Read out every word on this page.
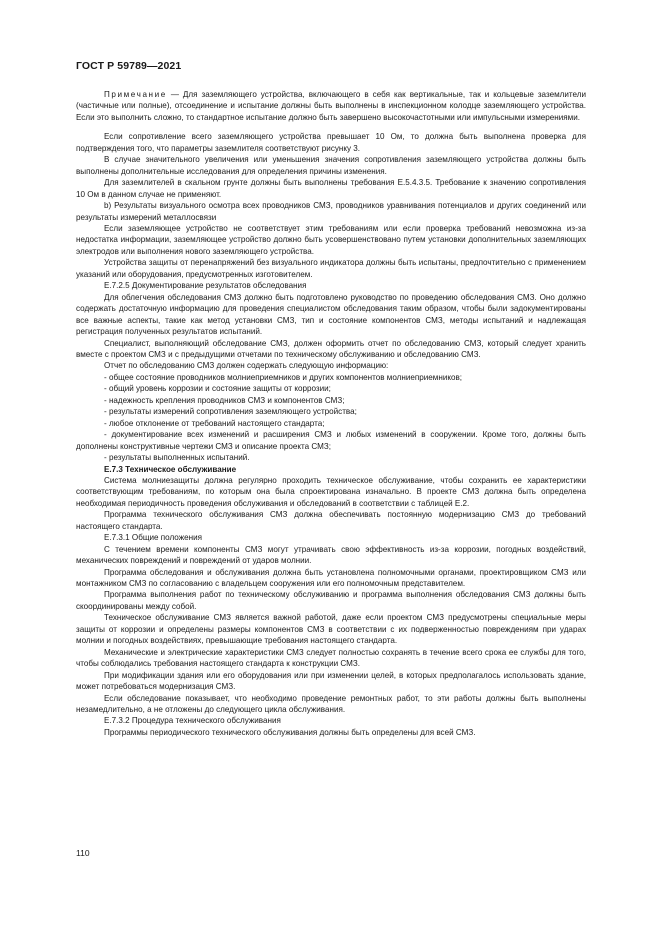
ГОСТ Р 59789—2021

Примечание — Для заземляющего устройства, включающего в себя как вертикальные, так и кольцевые заземлители (частичные или полные), отсоединение и испытание должны быть выполнены в инспекционном колодце заземляющего устройства. Если это выполнить сложно, то стандартное испытание должно быть завершено высокочастотными или импульсными измерениями.

Если сопротивление всего заземляющего устройства превышает 10 Ом, то должна быть выполнена проверка для подтверждения того, что параметры заземлителя соответствуют рисунку 3.

В случае значительного увеличения или уменьшения значения сопротивления заземляющего устройства должны быть выполнены дополнительные исследования для определения причины изменения.

Для заземлителей в скальном грунте должны быть выполнены требования Е.5.4.3.5. Требование к значению сопротивления 10 Ом в данном случае не применяют.

b) Результаты визуального осмотра всех проводников СМЗ, проводников уравнивания потенциалов и других соединений или результаты измерений металлосвязи

Если заземляющее устройство не соответствует этим требованиям или если проверка требований невозможна из-за недостатка информации, заземляющее устройство должно быть усовершенствовано путем установки дополнительных заземляющих электродов или выполнения нового заземляющего устройства.

Устройства защиты от перенапряжений без визуального индикатора должны быть испытаны, предпочтительно с применением указаний или оборудования, предусмотренных изготовителем.

Е.7.2.5 Документирование результатов обследования

Для облегчения обследования СМЗ должно быть подготовлено руководство по проведению обследования СМЗ. Оно должно содержать достаточную информацию для проведения специалистом обследования таким образом, чтобы были задокументированы все важные аспекты, такие как метод установки СМЗ, тип и состояние компонентов СМЗ, методы испытаний и надлежащая регистрация полученных результатов испытаний.

Специалист, выполняющий обследование СМЗ, должен оформить отчет по обследованию СМЗ, который следует хранить вместе с проектом СМЗ и с предыдущими отчетами по техническому обслуживанию и обследованию СМЗ.

Отчет по обследованию СМЗ должен содержать следующую информацию:

- общее состояние проводников молниеприемников и других компонентов молниеприемников;

- общий уровень коррозии и состояние защиты от коррозии;

- надежность крепления проводников СМЗ и компонентов СМЗ;

- результаты измерений сопротивления заземляющего устройства;

- любое отклонение от требований настоящего стандарта;

- документирование всех изменений и расширения СМЗ и любых изменений в сооружении. Кроме того, должны быть дополнены конструктивные чертежи СМЗ и описание проекта СМЗ;

- результаты выполненных испытаний.

Е.7.3 Техническое обслуживание

Система молниезащиты должна регулярно проходить техническое обслуживание, чтобы сохранить ее характеристики соответствующим требованиям, по которым она была спроектирована изначально. В проекте СМЗ должна быть определена необходимая периодичность проведения обслуживания и обследований в соответствии с таблицей Е.2.

Программа технического обслуживания СМЗ должна обеспечивать постоянную модернизацию СМЗ до требований настоящего стандарта.

Е.7.3.1 Общие положения

С течением времени компоненты СМЗ могут утрачивать свою эффективность из-за коррозии, погодных воздействий, механических повреждений и повреждений от ударов молнии.

Программа обследования и обслуживания должна быть установлена полномочными органами, проектировщиком СМЗ или монтажником СМЗ по согласованию с владельцем сооружения или его полномочным представителем.

Программа выполнения работ по техническому обслуживанию и программа выполнения обследования СМЗ должны быть скоординированы между собой.

Техническое обслуживание СМЗ является важной работой, даже если проектом СМЗ предусмотрены специальные меры защиты от коррозии и определены размеры компонентов СМЗ в соответствии с их подверженностью повреждениям при ударах молнии и погодных воздействиях, превышающие требования настоящего стандарта.

Механические и электрические характеристики СМЗ следует полностью сохранять в течение всего срока ее службы для того, чтобы соблюдались требования настоящего стандарта к конструкции СМЗ.

При модификации здания или его оборудования или при изменении целей, в которых предполагалось использовать здание, может потребоваться модернизация СМЗ.

Если обследование показывает, что необходимо проведение ремонтных работ, то эти работы должны быть выполнены незамедлительно, а не отложены до следующего цикла обслуживания.

Е.7.3.2 Процедура технического обслуживания

Программы периодического технического обслуживания должны быть определены для всей СМЗ.

110
